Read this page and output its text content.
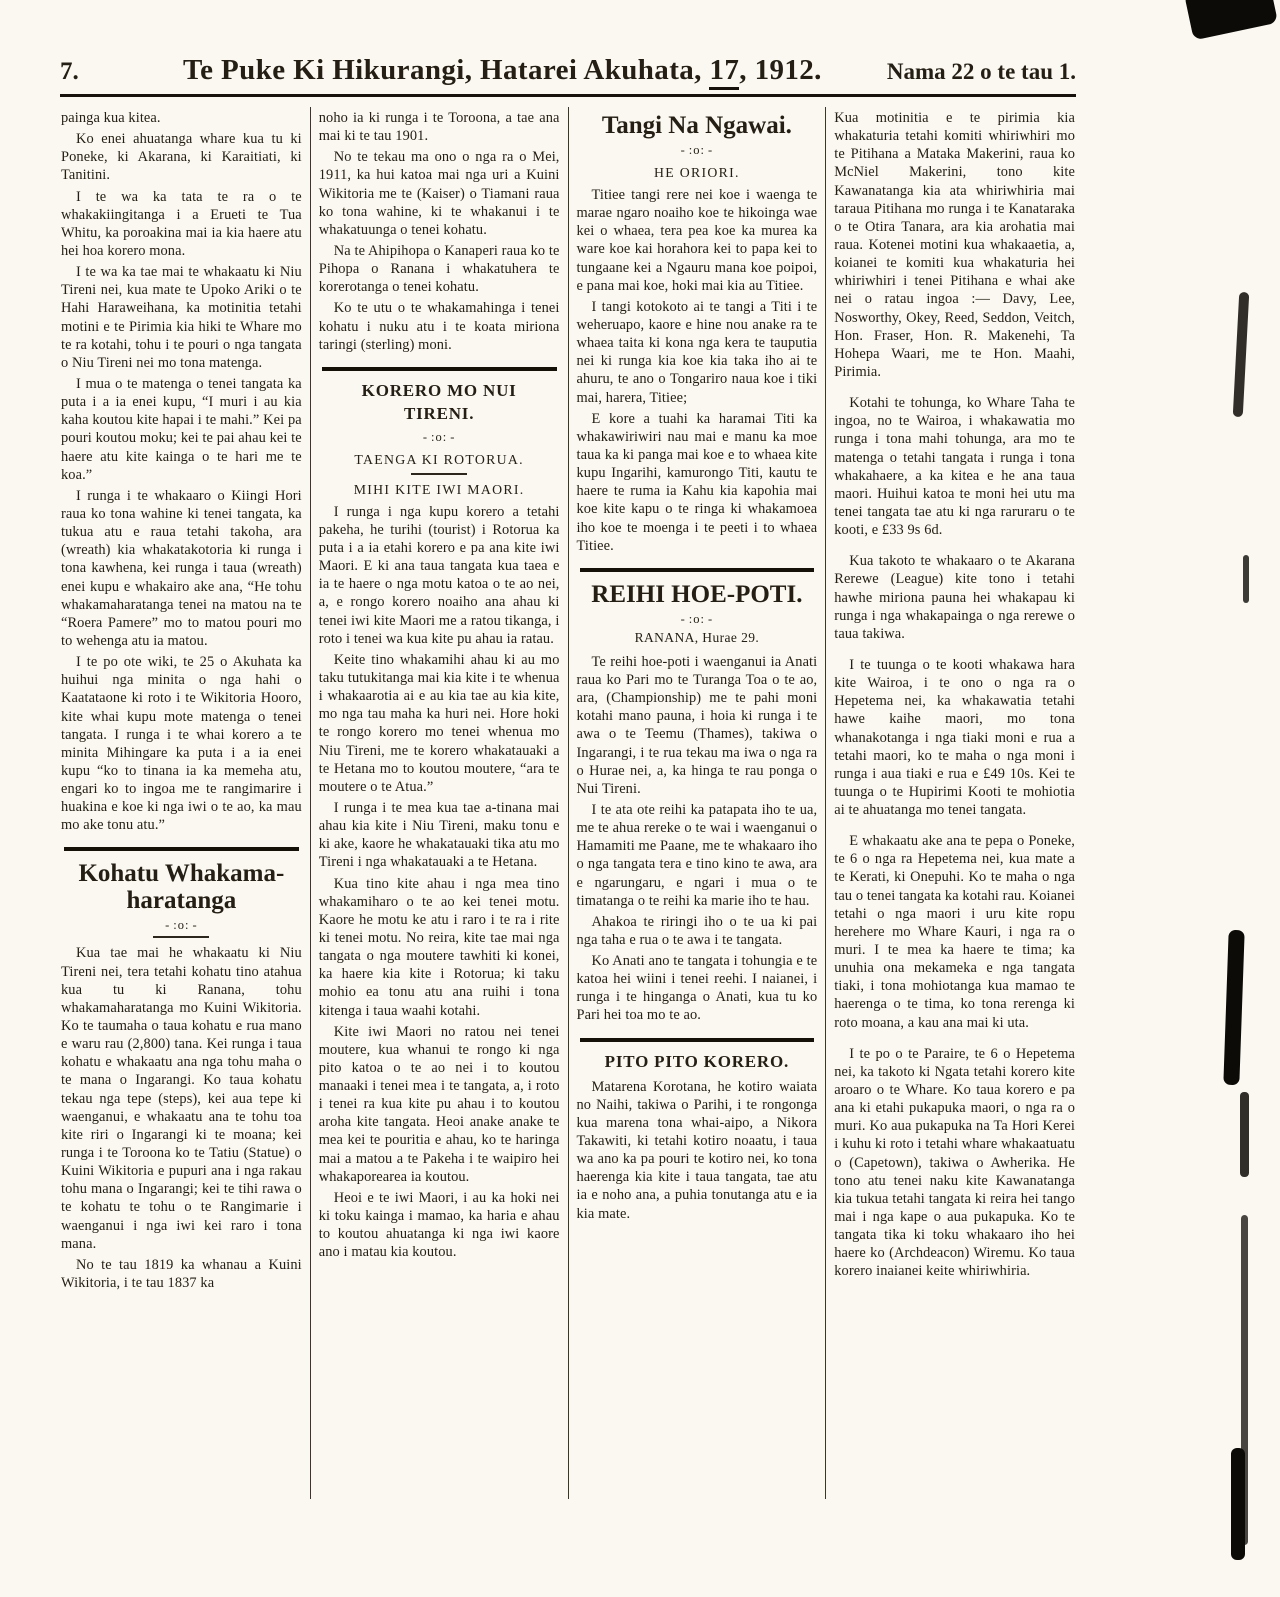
7.	Te Puke Ki Hikurangi, Hatarei Akuhata, 17, 1912.	Nama 22 o te tau 1.
painga kua kitea.
Ko enei ahuatanga whare kua tu ki Poneke, ki Akarana, ki Karaitiati, ki Tanitini.
I te wa ka tata te ra o te whakakiingitanga i a Erueti te Tua Whitu, ka poroakina mai ia kia haere atu hei hoa korero mona.
I te wa ka tae mai te whakaatu ki Niu Tireni nei, kua mate te Upoko Ariki o te Hahi Haraweihana, ka motinitia tetahi motini e te Pirimia kia hiki te Whare mo te ra kotahi, tohu i te pouri o nga tangata o Niu Tireni nei mo tona matenga.
I mua o te matenga o tenei tangata ka puta i a ia enei kupu, “I muri i au kia kaha koutou kite hapai i te mahi.” Kei pa pouri koutou moku; kei te pai ahau kei te haere atu kite kainga o te hari me te koa.”
I runga i te whakaaro o Kiingi Hori raua ko tona wahine ki tenei tangata, ka tukua atu e raua tetahi takoha, ara (wreath) kia whakatakotoria ki runga i tona kawhena, kei runga i taua (wreath) enei kupu e whakairo ake ana, “He tohu whakamaharatanga tenei na matou na te “Roera Pamere” mo to matou pouri mo to wehenga atu ia matou.
I te po ote wiki, te 25 o Akuhata ka huihui nga minita o nga hahi o Kaatataone ki roto i te Wikitoria Hooro, kite whai kupu mote matenga o tenei tangata. I runga i te whai korero a te minita Mihingare ka puta i a ia enei kupu “ko to tinana ia ka memeha atu, engari ko to ingoa me te rangimarire i huakina e koe ki nga iwi o te ao, ka mau mo ake tonu atu.”
Kohatu Whakama-haratanga
- :o: -
Kua tae mai he whakaatu ki Niu Tireni nei, tera tetahi kohatu tino atahua kua tu ki Ranana, tohu whakamaharatanga mo Kuini Wikitoria. Ko te taumaha o taua kohatu e rua mano e waru rau (2,800) tana. Kei runga i taua kohatu e whakaatu ana nga tohu maha o te mana o Ingarangi. Ko taua kohatu tekau nga tepe (steps), kei aua tepe ki waenganui, e whakaatu ana te tohu toa kite riri o Ingarangi ki te moana; kei runga i te Toroona ko te Tatiu (Statue) o Kuini Wikitoria e pupuri ana i nga rakau tohu mana o Ingarangi; kei te tihi rawa o te kohatu te tohu o te Rangimarie i waenganui i nga iwi kei raro i tona mana.
No te tau 1819 ka whanau a Kuini Wikitoria, i te tau 1837 ka
noho ia ki runga i te Toroona, a tae ana mai ki te tau 1901.
No te tekau ma ono o nga ra o Mei, 1911, ka hui katoa mai nga uri a Kuini Wikitoria me te (Kaiser) o Tiamani raua ko tona wahine, ki te whakanui i te whakatuunga o tenei kohatu.
Na te Ahipihopa o Kanaperi raua ko te Pihopa o Ranana i whakatuhera te korerotanga o tenei kohatu.
Ko te utu o te whakamahinga i tenei kohatu i nuku atu i te koata miriona taringi (sterling) moni.
KORERO MO NUI TIRENI.
- :o: -
TAENGA KI ROTORUA.
MIHI KITE IWI MAORI.
I runga i nga kupu korero a tetahi pakeha, he turihi (tourist) i Rotorua ka puta i a ia etahi korero e pa ana kite iwi Maori. E ki ana taua tangata kua taea e ia te haere o nga motu katoa o te ao nei, a, e rongo korero noaiho ana ahau ki tenei iwi kite Maori me a ratou tikanga, i roto i tenei wa kua kite pu ahau ia ratau.
Keite tino whakamihi ahau ki au mo taku tutukitanga mai kia kite i te whenua i whakaarotia ai e au kia tae au kia kite, mo nga tau maha ka huri nei. Hore hoki te rongo korero mo tenei whenua mo Niu Tireni, me te korero whakatauaki a te Hetana mo to koutou moutere, “ara te moutere o te Atua.”
I runga i te mea kua tae a-tinana mai ahau kia kite i Niu Tireni, maku tonu e ki ake, kaore he whakatauaki tika atu mo Tireni i nga whakatauaki a te Hetana.
Kua tino kite ahau i nga mea tino whakamiharo o te ao kei tenei motu. Kaore he motu ke atu i raro i te ra i rite ki tenei motu. No reira, kite tae mai nga tangata o nga moutere tawhiti ki konei, ka haere kia kite i Rotorua; ki taku mohio ea tonu atu ana ruihi i tona kitenga i taua waahi kotahi.
Kite iwi Maori no ratou nei tenei moutere, kua whanui te rongo ki nga pito katoa o te ao nei i to koutou manaaki i tenei mea i te tangata, a, i roto i tenei ra kua kite pu ahau i to koutou aroha kite tangata. Heoi anake anake te mea kei te pouritia e ahau, ko te haringa mai a matou a te Pakeha i te waipiro hei whakaporearea ia koutou.
Heoi e te iwi Maori, i au ka hoki nei ki toku kainga i mamao, ka haria e ahau to koutou ahuatanga ki nga iwi kaore ano i matau kia koutou.
Tangi Na Ngawai.
- :o: -
HE ORIORI.
Titiee tangi rere nei koe i waenga te marae ngaro noaiho koe te hikoinga wae kei o whaea, tera pea koe ka murea ka ware koe kai horahora kei to papa kei to tungaane kei a Ngauru mana koe poipoi, e pana mai koe, hoki mai kia au Titiee.
I tangi kotokoto ai te tangi a Titi i te weheruapo, kaore e hine nou anake ra te whaea taita ki kona nga kera te tauputia nei ki runga kia koe kia taka iho ai te ahuru, te ano o Tongariro naua koe i tiki mai, harera, Titiee;
E kore a tuahi ka haramai Titi ka whakawiriwiri nau mai e manu ka moe taua ka ki panga mai koe e to whaea kite kupu Ingarihi, kamurongo Titi, kautu te haere te ruma ia Kahu kia kapohia mai koe kite kapu o te ringa ki whakamoea iho koe te moenga i te peeti i to whaea Titiee.
REIHI HOE-POTI.
- :o: -
RANANA, Hurae 29.
Te reihi hoe-poti i waenganui ia Anati raua ko Pari mo te Turanga Toa o te ao, ara, (Championship) me te pahi moni kotahi mano pauna, i hoia ki runga i te awa o te Teemu (Thames), takiwa o Ingarangi, i te rua tekau ma iwa o nga ra o Hurae nei, a, ka hinga te rau ponga o Nui Tireni.
I te ata ote reihi ka patapata iho te ua, me te ahua rereke o te wai i waenganui o Hamamiti me Paane, me te whakaaro iho o nga tangata tera e tino kino te awa, ara e ngarungaru, e ngari i mua o te timatanga o te reihi ka marie iho te hau.
Ahakoa te riringi iho o te ua ki pai nga taha e rua o te awa i te tangata.
Ko Anati ano te tangata i tohungia e te katoa hei wiini i tenei reehi. I naianei, i runga i te hinganga o Anati, kua tu ko Pari hei toa mo te ao.
PITO PITO KORERO.
Matarena Korotana, he kotiro waiata no Naihi, takiwa o Parihi, i te rongonga kua marena tona whai-aipo, a Nikora Takawiti, ki tetahi kotiro noaatu, i taua wa ano ka pa pouri te kotiro nei, ko tona haerenga kia kite i taua tangata, tae atu ia e noho ana, a puhia tonutanga atu e ia kia mate.
Kua motinitia e te pirimia kia whakaturia tetahi komiti whiriwhiri mo te Pitihana a Mataka Makerini, raua ko McNiel Makerini, tono kite Kawanatanga kia ata whiriwhiria mai taraua Pitihana mo runga i te Kanataraka o te Otira Tanara, ara kia arohatia mai raua. Kotenei motini kua whakaaetia, a, koianei te komiti kua whakaturia hei whiriwhiri i tenei Pitihana e whai ake nei o ratau ingoa :— Davy, Lee, Nosworthy, Okey, Reed, Seddon, Veitch, Hon. Fraser, Hon. R. Makenehi, Ta Hohepa Waari, me te Hon. Maahi, Pirimia.
Kotahi te tohunga, ko Whare Taha te ingoa, no te Wairoa, i whakawatia mo runga i tona mahi tohunga, ara mo te matenga o tetahi tangata i runga i tona whakahaere, a ka kitea e he ana taua maori. Huihui katoa te moni hei utu ma tenei tangata tae atu ki nga raruraru o te kooti, e £33 9s 6d.
Kua takoto te whakaaro o te Akarana Rerewe (League) kite tono i tetahi hawhe miriona pauna hei whakapau ki runga i nga whakapainga o nga rerewe o taua takiwa.
I te tuunga o te kooti whakawa hara kite Wairoa, i te ono o nga ra o Hepetema nei, ka whakawatia tetahi hawe kaihe maori, mo tona whanakotanga i nga tiaki moni e rua a tetahi maori, ko te maha o nga moni i runga i aua tiaki e rua e £49 10s. Kei te tuunga o te Hupirimi Kooti te mohiotia ai te ahuatanga mo tenei tangata.
E whakaatu ake ana te pepa o Poneke, te 6 o nga ra Hepetema nei, kua mate a te Kerati, ki Onepuhi. Ko te maha o nga tau o tenei tangata ka kotahi rau. Koianei tetahi o nga maori i uru kite ropu herehere mo Whare Kauri, i nga ra o muri. I te mea ka haere te tima; ka unuhia ona mekameka e nga tangata tiaki, i tona mohiotanga kua mamao te haerenga o te tima, ko tona rerenga ki roto moana, a kau ana mai ki uta.
I te po o te Paraire, te 6 o Hepetema nei, ka takoto ki Ngata tetahi korero kite aroaro o te Whare. Ko taua korero e pa ana ki etahi pukapuka maori, o nga ra o muri. Ko aua pukapuka na Ta Hori Kerei i kuhu ki roto i tetahi whare whakaatuatu o (Capetown), takiwa o Awherika. He tono atu tenei naku kite Kawanatanga kia tukua tetahi tangata ki reira hei tango mai i nga kape o aua pukapuka. Ko te tangata tika ki toku whakaaro iho hei haere ko (Archdeacon) Wiremu. Ko taua korero inaianei keite whiriwhiria.
